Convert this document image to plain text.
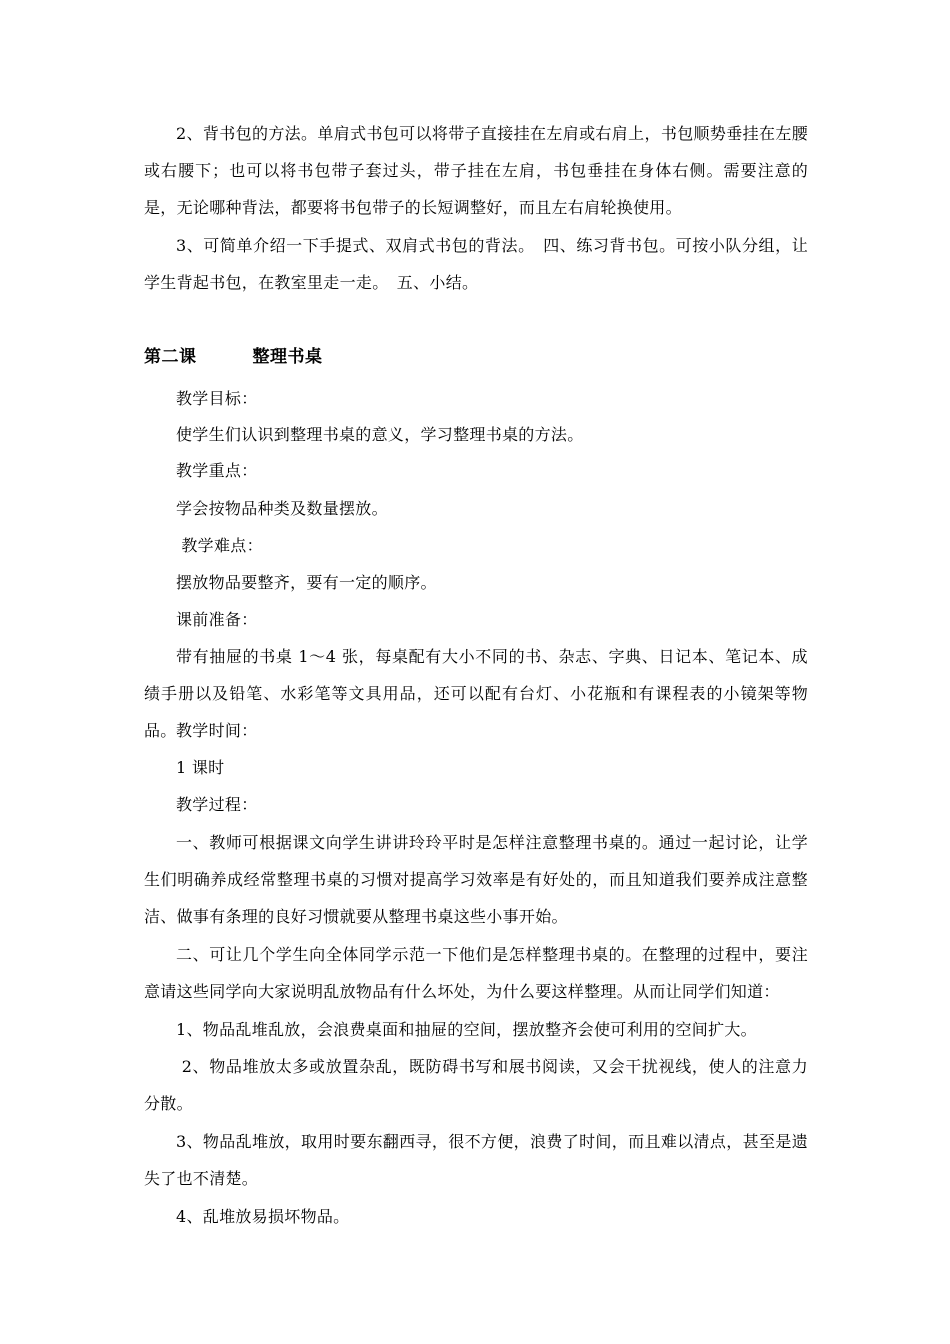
2、背书包的方法。单肩式书包可以将带子直接挂在左肩或右肩上，书包顺势垂挂在左腰或右腰下；也可以将书包带子套过头，带子挂在左肩，书包垂挂在身体右侧。需要注意的是，无论哪种背法，都要将书包带子的长短调整好，而且左右肩轮换使用。
3、可简单介绍一下手提式、双肩式书包的背法。　四、练习背书包。可按小队分组，让学生背起书包，在教室里走一走。　五、小结。
第二课	整理书桌
教学目标：
使学生们认识到整理书桌的意义，学习整理书桌的方法。
教学重点：
学会按物品种类及数量摆放。
教学难点：
摆放物品要整齐，要有一定的顺序。
课前准备：
带有抽屉的书桌 1～4 张，每桌配有大小不同的书、杂志、字典、日记本、笔记本、成绩手册以及铅笔、水彩笔等文具用品，还可以配有台灯、小花瓶和有课程表的小镜架等物品。 教学时间：
1 课时
教学过程：
一、教师可根据课文向学生讲讲玲玲平时是怎样注意整理书桌的。通过一起讨论，让学生们明确养成经常整理书桌的习惯对提高学习效率是有好处的，而且知道我们要养成注意整洁、做事有条理的良好习惯就要从整理书桌这些小事开始。
二、可让几个学生向全体同学示范一下他们是怎样整理书桌的。在整理的过程中，要注意请这些同学向大家说明乱放物品有什么坏处，为什么要这样整理。从而让同学们知道：
1、物品乱堆乱放，会浪费桌面和抽屉的空间，摆放整齐会使可利用的空间扩大。
2、物品堆放太多或放置杂乱，既防碍书写和展书阅读，又会干扰视线，使人的注意力分散。
3、物品乱堆放，取用时要东翻西寻，很不方便，浪费了时间，而且难以清点，甚至是遗失了也不清楚。
4、乱堆放易损坏物品。
